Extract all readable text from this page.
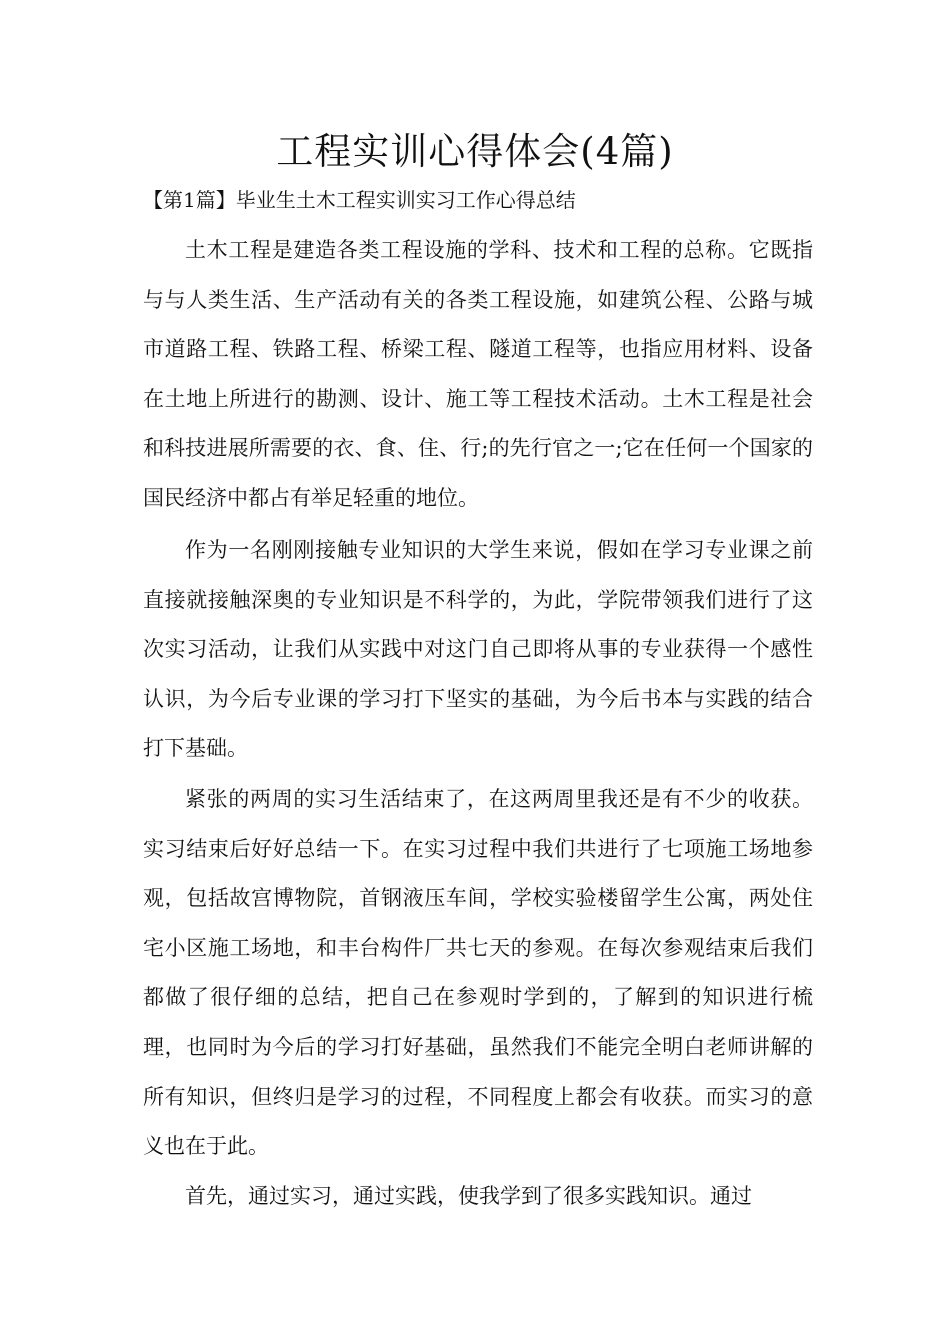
工程实训心得体会(4篇)
【第1篇】毕业生土木工程实训实习工作心得总结

土木工程是建造各类工程设施的学科、技术和工程的总称。它既指与与人类生活、生产活动有关的各类工程设施，如建筑公程、公路与城市道路工程、铁路工程、桥梁工程、隧道工程等，也指应用材料、设备在土地上所进行的勘测、设计、施工等工程技术活动。土木工程是社会和科技进展所需要的衣、食、住、行;的先行官之一;它在任何一个国家的国民经济中都占有举足轻重的地位。

作为一名刚刚接触专业知识的大学生来说，假如在学习专业课之前直接就接触深奥的专业知识是不科学的，为此，学院带领我们进行了这次实习活动，让我们从实践中对这门自己即将从事的专业获得一个感性认识，为今后专业课的学习打下坚实的基础，为今后书本与实践的结合打下基础。

紧张的两周的实习生活结束了，在这两周里我还是有不少的收获。实习结束后好好总结一下。在实习过程中我们共进行了七项施工场地参观，包括故宫博物院，首钢液压车间，学校实验楼留学生公寓，两处住宅小区施工场地，和丰台构件厂共七天的参观。在每次参观结束后我们都做了很仔细的总结，把自己在参观时学到的，了解到的知识进行梳理，也同时为今后的学习打好基础，虽然我们不能完全明白老师讲解的所有知识，但终归是学习的过程，不同程度上都会有收获。而实习的意义也在于此。

首先，通过实习，通过实践，使我学到了很多实践知识。通过
